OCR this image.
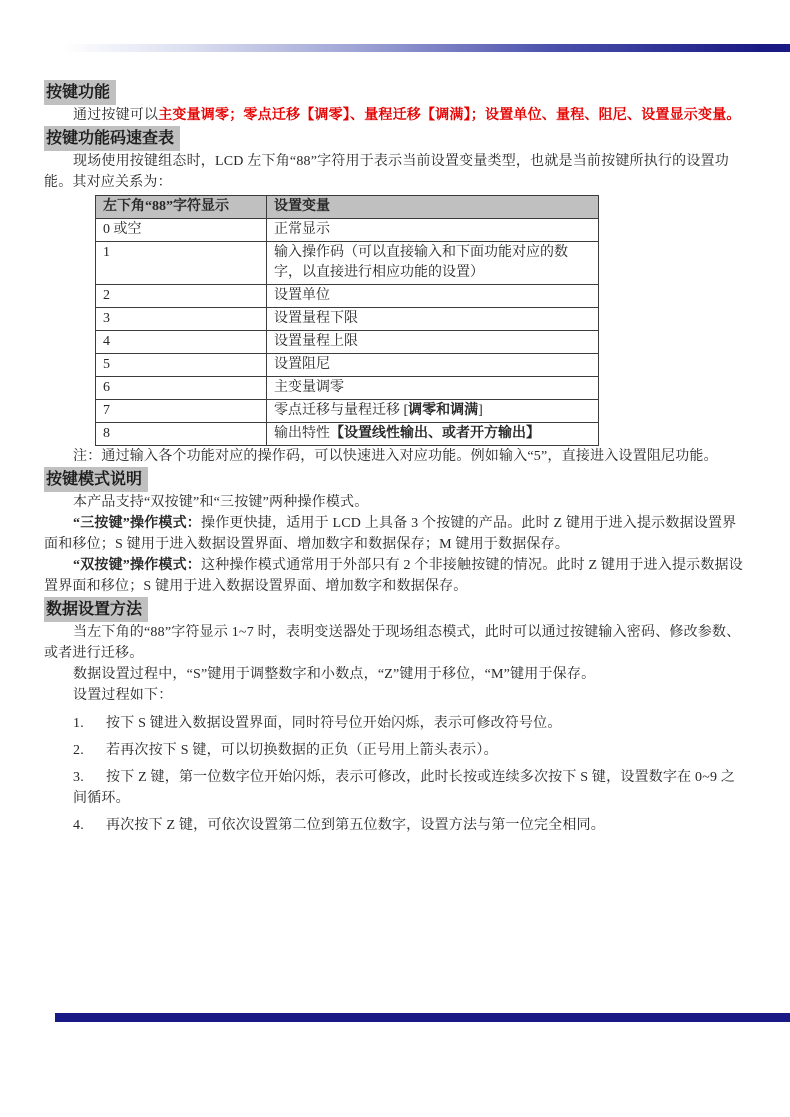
按键功能

通过按键可以主变量调零；零点迁移【调零】、量程迁移【调满】；设置单位、量程、阻尼、设置显示变量。

按键功能码速查表

现场使用按键组态时，LCD 左下角“88”字符用于表示当前设置变量类型，也就是当前按键所执行的设置功能。其对应关系为：

左下角“88”字符显示	设置变量
0 或空	正常显示
1	输入操作码（可以直接输入和下面功能对应的数字，以直接进行相应功能的设置）
2	设置单位
3	设置量程下限
4	设置量程上限
5	设置阻尼
6	主变量调零
7	零点迁移与量程迁移 [调零和调满]
8	输出特性【设置线性输出、或者开方输出】

注：通过输入各个功能对应的操作码，可以快速进入对应功能。例如输入“5”，直接进入设置阻尼功能。

按键模式说明

本产品支持“双按键”和“三按键”两种操作模式。

“三按键”操作模式：操作更快捷，适用于 LCD 上具备 3 个按键的产品。此时 Z 键用于进入提示数据设置界面和移位；S 键用于进入数据设置界面、增加数字和数据保存；M 键用于数据保存。

“双按键”操作模式：这种操作模式通常用于外部只有 2 个非接触按键的情况。此时 Z 键用于进入提示数据设置界面和移位；S 键用于进入数据设置界面、增加数字和数据保存。

数据设置方法

当左下角的“88”字符显示 1~7 时，表明变送器处于现场组态模式，此时可以通过按键输入密码、修改参数、或者进行迁移。

数据设置过程中，“S”键用于调整数字和小数点，“Z”键用于移位，“M”键用于保存。

设置过程如下：

1. 按下 S 键进入数据设置界面，同时符号位开始闪烁，表示可修改符号位。
2. 若再次按下 S 键，可以切换数据的正负（正号用上箭头表示）。
3. 按下 Z 键，第一位数字位开始闪烁，表示可修改，此时长按或连续多次按下 S 键，设置数字在 0~9 之间循环。
4. 再次按下 Z 键，可依次设置第二位到第五位数字，设置方法与第一位完全相同。
